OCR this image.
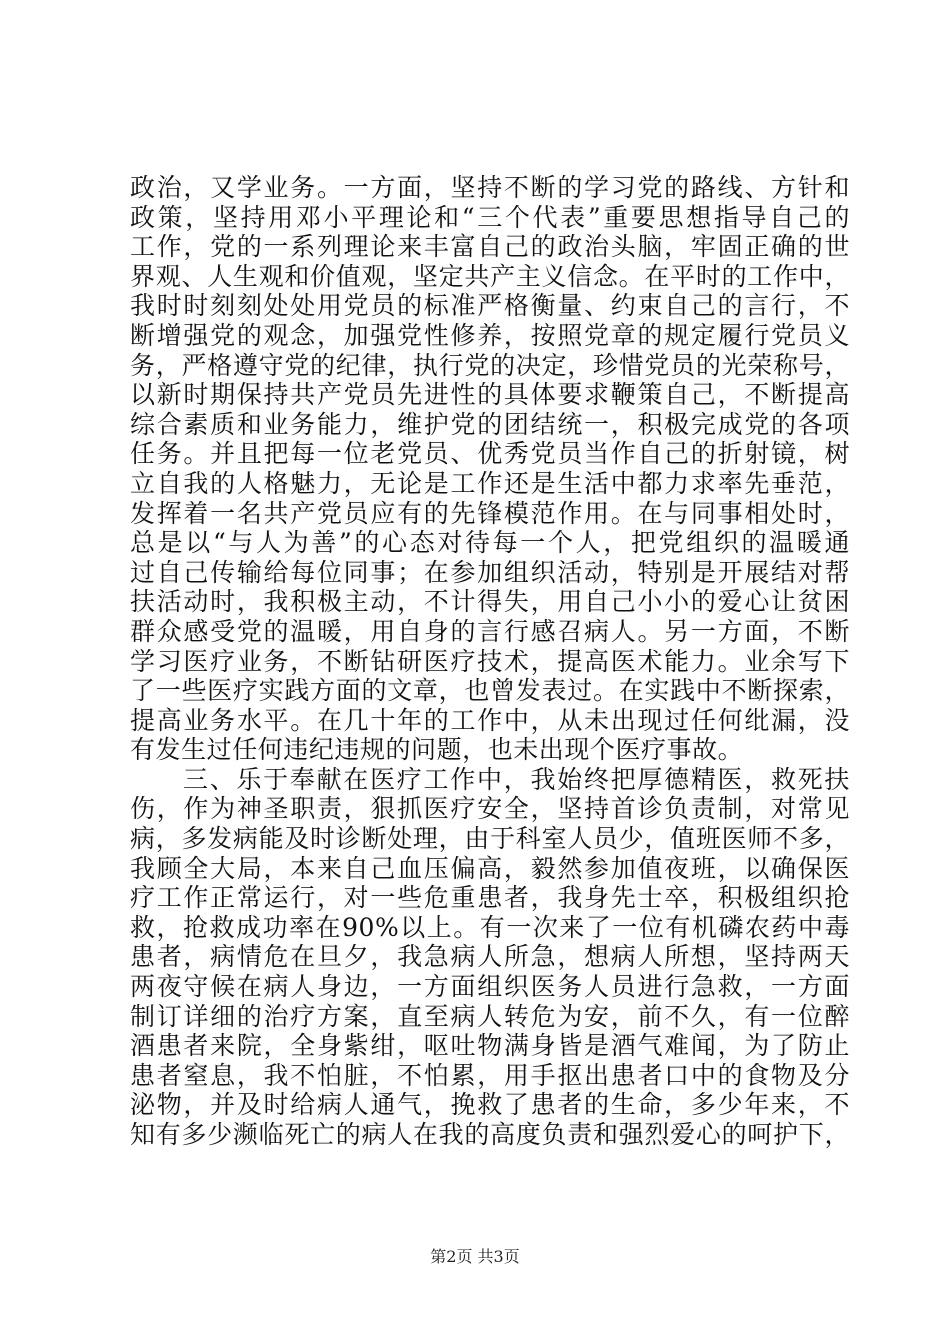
政治，又学业务。一方面，坚持不断的学习党的路线、方针和
政策，坚持用邓小平理论和“三个代表”重要思想指导自己的
工作，党的一系列理论来丰富自己的政治头脑，牢固正确的世
界观、人生观和价值观，坚定共产主义信念。在平时的工作中，
我时时刻刻处处用党员的标准严格衡量、约束自己的言行，不
断增强党的观念，加强党性修养，按照党章的规定履行党员义
务，严格遵守党的纪律，执行党的决定，珍惜党员的光荣称号，
以新时期保持共产党员先进性的具体要求鞭策自己，不断提高
综合素质和业务能力，维护党的团结统一，积极完成党的各项
任务。并且把每一位老党员、优秀党员当作自己的折射镜，树
立自我的人格魅力，无论是工作还是生活中都力求率先垂范，
发挥着一名共产党员应有的先锋模范作用。在与同事相处时，
总是以“与人为善”的心态对待每一个人，把党组织的温暖通
过自己传输给每位同事；在参加组织活动，特别是开展结对帮
扶活动时，我积极主动，不计得失，用自己小小的爱心让贫困
群众感受党的温暖，用自身的言行感召病人。另一方面，不断
学习医疗业务，不断钻研医疗技术，提高医术能力。业余写下
了一些医疗实践方面的文章，也曾发表过。在实践中不断探索，
提高业务水平。在几十年的工作中，从未出现过任何纰漏，没
有发生过任何违纪违规的问题，也未出现个医疗事故。
三、乐于奉献在医疗工作中，我始终把厚德精医，救死扶
伤，作为神圣职责，狠抓医疗安全，坚持首诊负责制，对常见
病，多发病能及时诊断处理，由于科室人员少，值班医师不多，
我顾全大局，本来自己血压偏高，毅然参加值夜班，以确保医
疗工作正常运行，对一些危重患者，我身先士卒，积极组织抢
救，抢救成功率在90%以上。有一次来了一位有机磷农药中毒
患者，病情危在旦夕，我急病人所急，想病人所想，坚持两天
两夜守候在病人身边，一方面组织医务人员进行急救，一方面
制订详细的治疗方案，直至病人转危为安，前不久，有一位醉
酒患者来院，全身紫绀，呕吐物满身皆是酒气难闻，为了防止
患者窒息，我不怕脏，不怕累，用手抠出患者口中的食物及分
泌物，并及时给病人通气，挽救了患者的生命，多少年来，不
知有多少濒临死亡的病人在我的高度负责和强烈爱心的呵护下，
第2页 共3页
